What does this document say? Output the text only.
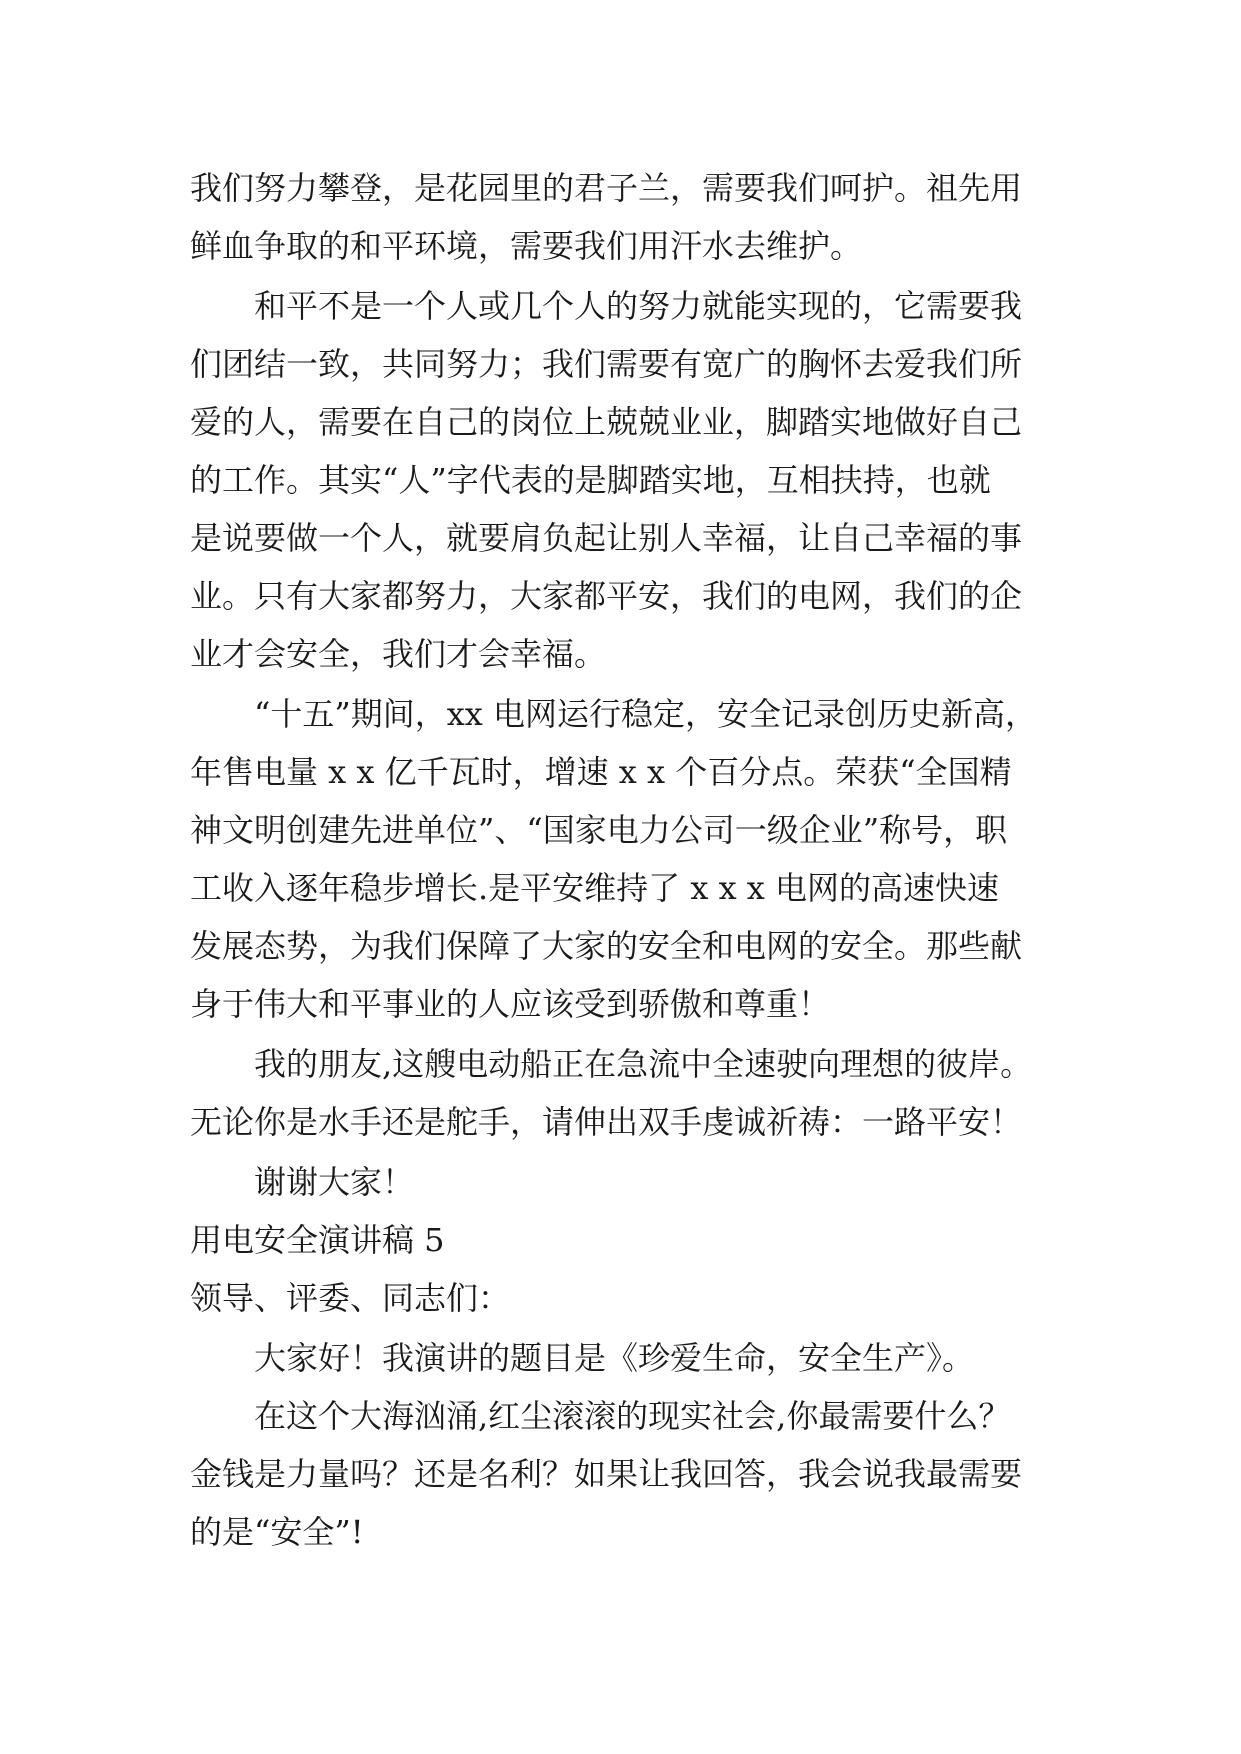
我们努力攀登，是花园里的君子兰，需要我们呵护。祖先用
鲜血争取的和平环境，需要我们用汗水去维护。
和平不是一个人或几个人的努力就能实现的，它需要我
们团结一致，共同努力；我们需要有宽广的胸怀去爱我们所
爱的人，需要在自己的岗位上兢兢业业，脚踏实地做好自己
的工作。其实“人”字代表的是脚踏实地，互相扶持，也就
是说要做一个人，就要肩负起让别人幸福，让自己幸福的事
业。只有大家都努力，大家都平安，我们的电网，我们的企
业才会安全，我们才会幸福。
“十五”期间，xx 电网运行稳定，安全记录创历史新高，
年售电量 x x 亿千瓦时，增速 x x 个百分点。荣获“全国精
神文明创建先进单位”、“国家电力公司一级企业”称号，职
工收入逐年稳步增长.是平安维持了 x x x 电网的高速快速
发展态势，为我们保障了大家的安全和电网的安全。那些献
身于伟大和平事业的人应该受到骄傲和尊重！
我的朋友,这艘电动船正在急流中全速驶向理想的彼岸。
无论你是水手还是舵手，请伸出双手虔诚祈祷：一路平安！
谢谢大家！
用电安全演讲稿 5
领导、评委、同志们：
大家好！我演讲的题目是《珍爱生命，安全生产》。
在这个大海汹涌,红尘滚滚的现实社会,你最需要什么？
金钱是力量吗？还是名利？如果让我回答，我会说我最需要
的是“安全”!
